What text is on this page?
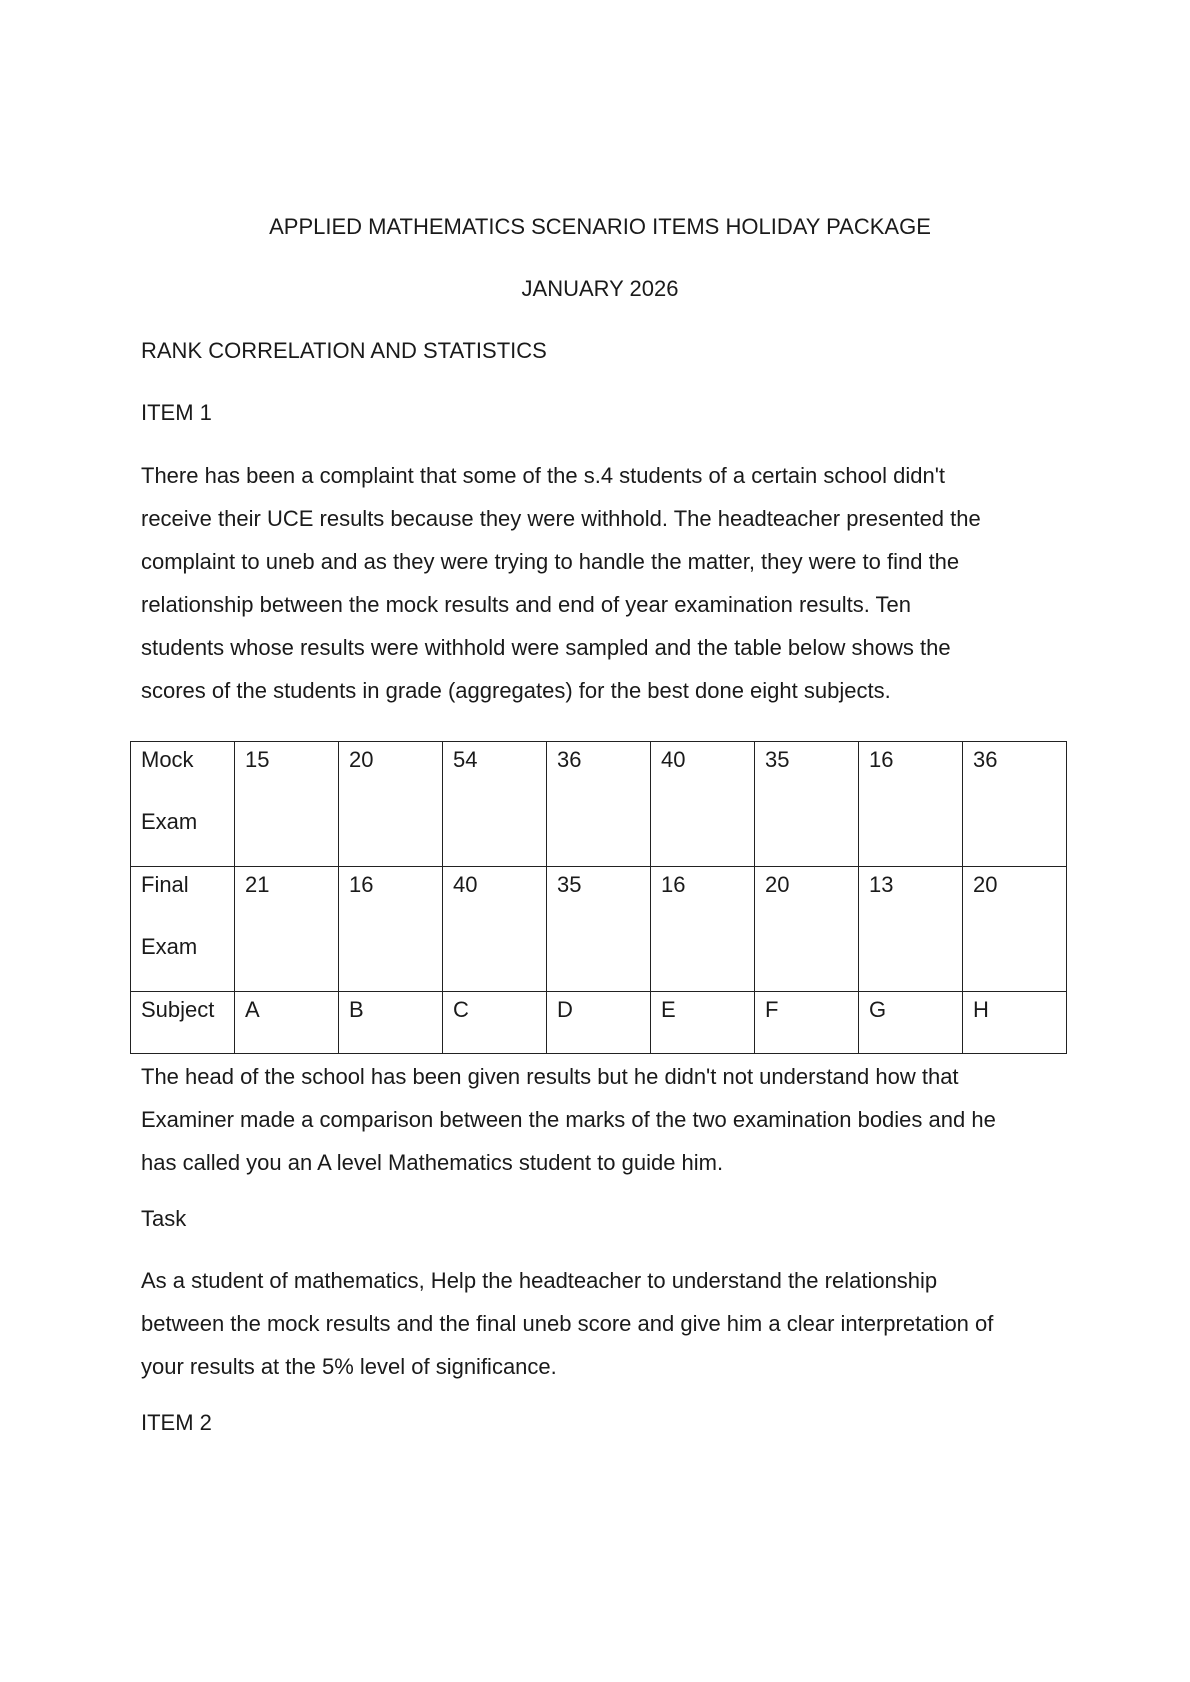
APPLIED MATHEMATICS SCENARIO ITEMS HOLIDAY PACKAGE

JANUARY 2026

RANK CORRELATION AND STATISTICS

ITEM 1

There has been a complaint that some of the s.4 students of a certain school didn't
receive their UCE results because they were withhold. The headteacher presented the
complaint to uneb and as they were trying to handle the matter, they were to find the
relationship between the mock results and end of year examination results. Ten
students whose results were withhold were sampled and the table below shows the
scores of the students in grade (aggregates) for the best done eight subjects.
Mock
Exam	15	20	54	36	40	35	16	36

Final
Exam	21	16	40	35	16	20	13	20

Subject	A	B	C	D	E	F	G	H
The head of the school has been given results but he didn't not understand how that
Examiner made a comparison between the marks of the two examination bodies and he
has called you an A level Mathematics student to guide him.

Task

As a student of mathematics, Help the headteacher to understand the relationship
between the mock results and the final uneb score and give him a clear interpretation of
your results at the 5% level of significance.

ITEM 2
